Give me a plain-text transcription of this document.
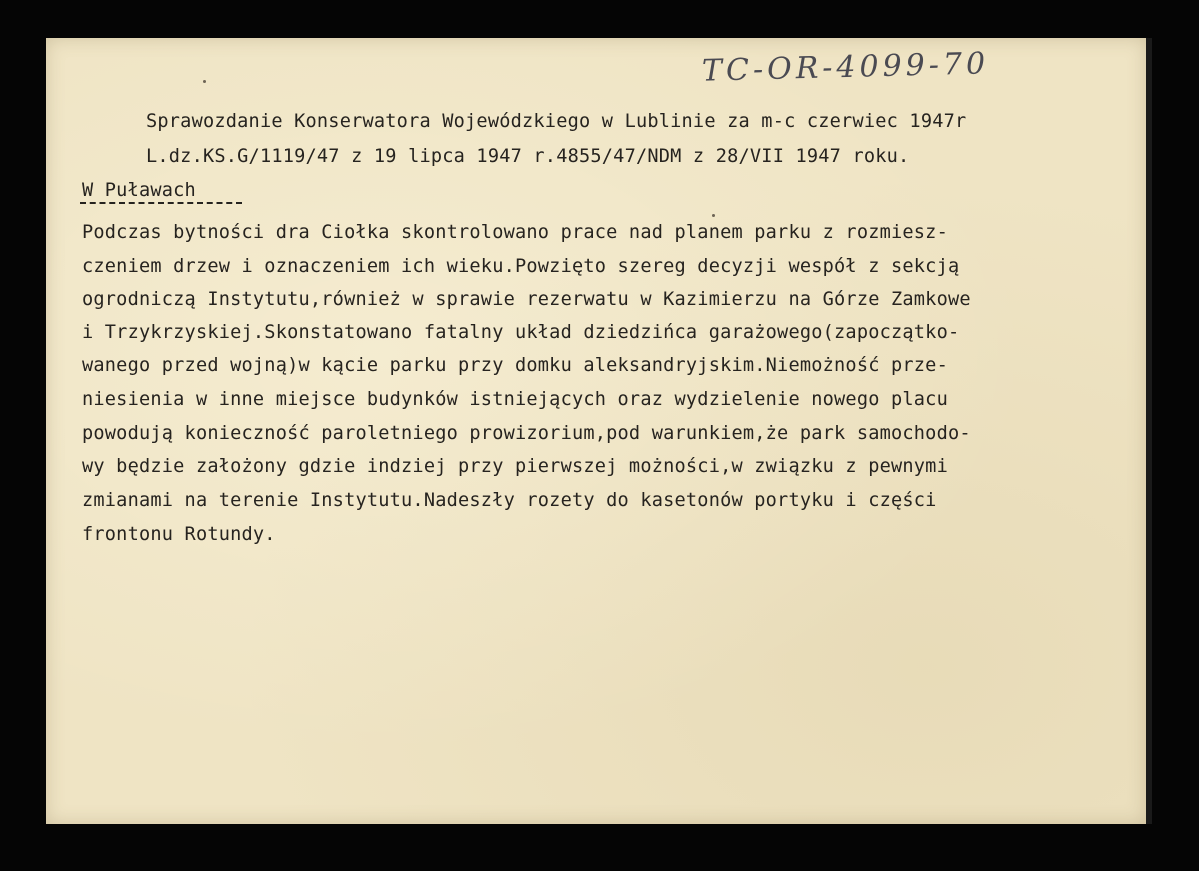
TC-OR-4099-70
Sprawozdanie Konserwatora Wojewódzkiego w Lublinie za m-c czerwiec 1947r
L.dz.KS.G/1119/47 z 19 lipca 1947 r.4855/47/NDM z 28/VII 1947 roku.
W Puławach
Podczas bytności dra Ciołka skontrolowano prace nad planem parku z rozmiesz-
czeniem drzew i oznaczeniem ich wieku.Powzięto szereg decyzji wespół z sekcją
ogrodniczą Instytutu,również w sprawie rezerwatu w Kazimierzu na Górze Zamkowe
i Trzykrzyskiej.Skonstatowano fatalny układ dziedzińca garażowego(zapoczątko-
wanego przed wojną)w kącie parku przy domku aleksandryjskim.Niemożność prze-
niesienia w inne miejsce budynków istniejących oraz wydzielenie nowego placu
powodują konieczność paroletniego prowizorium,pod warunkiem,że park samochodo-
wy będzie założony gdzie indziej przy pierwszej możności,w związku z pewnymi
zmianami na terenie Instytutu.Nadeszły rozety do kasetonów portyku i części
frontonu Rotundy.
